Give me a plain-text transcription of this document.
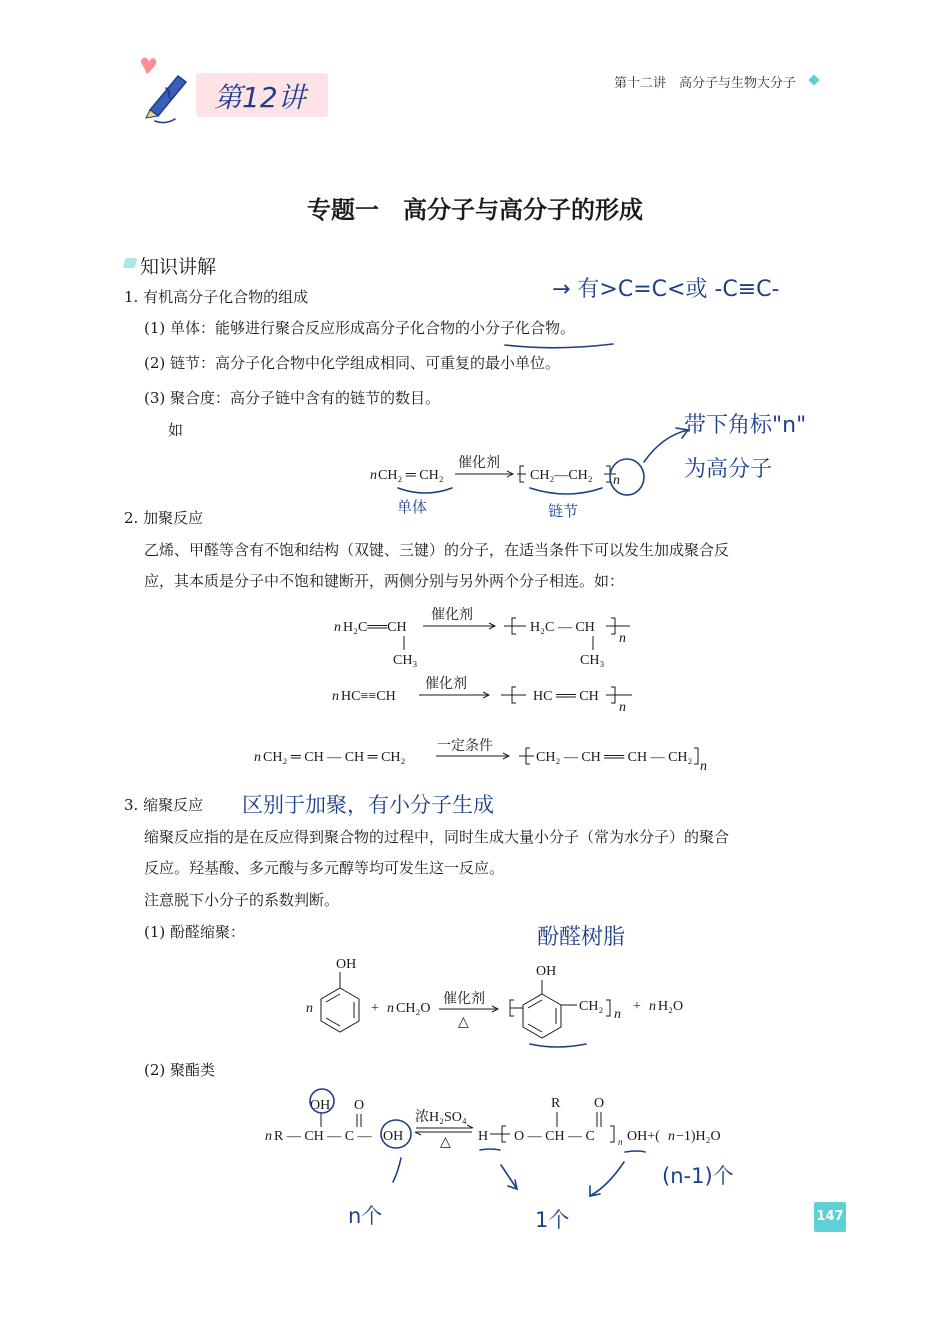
第12讲	第十二讲　高分子与生物大分子
专题一　高分子与高分子的形成
知识讲解
1. 有机高分子化合物的组成
(1) 单体：能够进行聚合反应形成高分子化合物的小分子化合物。
(2) 链节：高分子化合物中化学组成相同、可重复的最小单位。
(3) 聚合度：高分子链中含有的链节的数目。
如
2. 加聚反应
乙烯、甲醛等含有不饱和结构（双键、三键）的分子，在适当条件下可以发生加成聚合反
应，其本质是分子中不饱和键断开，两侧分别与另外两个分子相连。如：
3. 缩聚反应
缩聚反应指的是在反应得到聚合物的过程中，同时生成大量小分子（常为水分子）的聚合
反应。羟基酸、多元酸与多元醇等均可发生这一反应。
注意脱下小分子的系数判断。
(1) 酚醛缩聚：
(2) 聚酯类
n CH₂ ═ CH₂
催化剂
CH₂—CH₂ n
n H₂C══CH
CH₃
催化剂
H₂C — CH
CH₃
n
n HC≡≡CH
催化剂
HC ══ CH
n
n CH₂ ═ CH — CH ═ CH₂
一定条件
CH₂ — CH ══ CH — CH₂
n
n
OH
+ n CH₂O
催化剂
△
OH
CH₂
n
+ n H₂O
n R — CH — C — OH
OH O
浓H₂SO₄
△ H O — CH — C
R O
n OH+( n −1)H₂O
→ 有>C=C<或 -C≡C-
带下角标"n"
为高分子
单体	链节
区别于加聚，有小分子生成
酚醛树脂
n个	1个
(n-1)个
147
